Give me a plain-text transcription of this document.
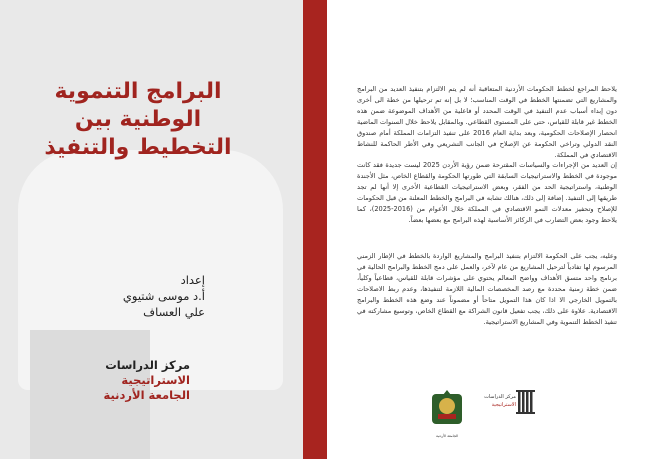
البرامج التنموية الوطنية بين
التخطيط والتنفيذ
إعداد
أ.د موسى شتيوي
علي العساف
مركز الدراسات الاستراتيجية
الجامعة الأردنية
يلاحظ المراجع لخطط الحكومات الأردنية المتعاقبة أنه لم يتم الالتزام بتنفيذ العديد من البرامج والمشاريع التي تضمنتها الخطط في الوقت المناسب؛ لا بل إنه تم ترحيلها من خطة الى أخرى دون إبداء أسباب عدم التنفيذ في الوقت المحدد أو فاعلية من الأهداف الموضوعة ضمن هذه الخطط غير قابلة للقياس، حتى على المستوى القطاعي. وبالمقابل يلاحظ خلال السنوات الماضية انحصار الإصلاحات الحكومية، وبعد بداية العام 2016 على تنفيذ التزامات المملكة أمام صندوق النقد الدولي وتراخي الحكومة عن الإصلاح في الجانب التشريعي وفي الأطر الحاكمة للنشاط الاقتصادي في المملكة.
إن العديد من الإجراءات والسياسات المقترحة ضمن رؤية الأردن 2025 ليست جديدة فقد كانت موجودة في الخطط والاستراتيجيات السابقة التي طورتها الحكومة والقطاع الخاص، مثل الأجندة الوطنية، واستراتيجية الحد من الفقر، وبعض الاستراتيجيات القطاعية الأخرى إلا أنها لم تجد طريقها إلى التنفيذ. إضافة إلى ذلك، هنالك تشابه في البرامج والخطط المعلنة من قبل الحكومات للإصلاح وتحفيز معدلات النمو الاقتصادي في المملكة خلال الأعوام من (2016-2025)، كما يلاحظ وجود بعض التضارب في الركائز الأساسية لهذه البرامج مع بعضها بعضاً.
وعليه، يجب على الحكومة الالتزام بتنفيذ البرامج والمشاريع الواردة بالخطط في الإطار الزمني المرسوم لها تفادياً لترحيل المشاريع من عام لآخر، والعمل على دمج الخطط والبرامج الحالية في برنامج واحد متسق الأهداف وواضح المعالم يحتوي على مؤشرات قابلة للقياس، قطاعياً وكلياً، ضمن خطة زمنية محددة مع رصد المخصصات المالية اللازمة لتنفيذها، وعدم ربط الاصلاحات بالتمويل الخارجي الا اذا كان هذا التمويل متاحاً أو مضموناً عند وضع هذه الخطط والبرامج الاقتصادية. علاوة على ذلك، يجب تفعيل قانون الشراكة مع القطاع الخاص، وتوسيع مشاركته في تنفيذ الخطط التنموية وفي المشاريع الاستراتيجية.
الجامعة الأردنية
مركز الدراسات
الاستراتيجية
